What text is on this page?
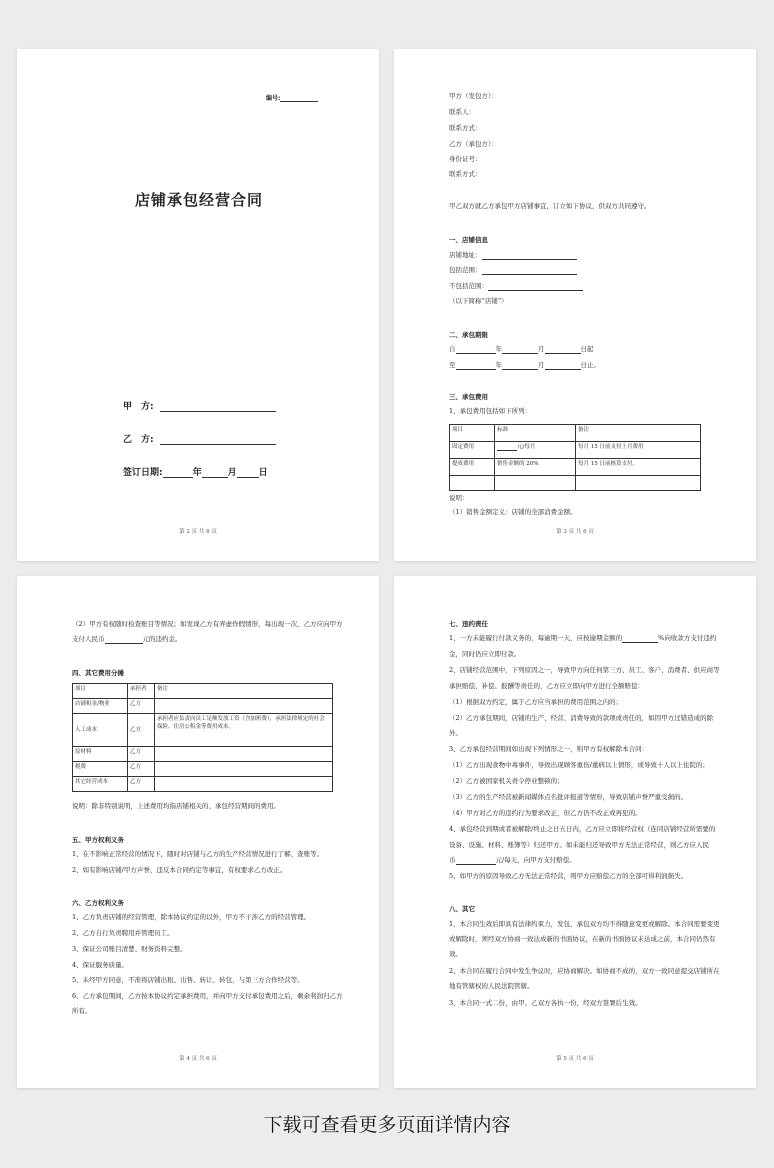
编号:
店铺承包经营合同
甲　方:
乙　方:
签订日期:	年	月 日
第 2 页 共 6 页
甲方（发包方）：
联系人：
联系方式：
乙方（承包方）：
身份证号：
联系方式：
甲乙双方就乙方承包甲方店铺事宜，订立如下协议，供双方共同遵守。
一、店铺信息
店铺地址：
包括范围：
不包括范围：
（以下简称“店铺”）
二、承包期限
自	年	月	日起
至	年	月	日止。
三、承包费用
1、承包费用包括如下所列：
项目	标准	备注
固定费用	元/每月	每月 15 日前支付上月费用
提成费用	销售金额的 20%	每月 15 日前核算支付。

说明：
（1）销售金额定义：店铺的全部消费金额。
第 3 页 共 6 页
（2）甲方有权随时检查账目等情况；如发现乙方有弄虚作假情形，每出现一次，乙方应向甲方
支付人民币	元的违约金。
四、其它费用分摊
项目	承担者	备注
店铺租金/物业	乙方	
人工成本	乙方	承担者应负责向员工足额发放工资（含加班费），承担法律规定的社会保险、住房公积金等费用成本。
原材料	乙方	
税费	乙方	
其它经营成本	乙方	
说明：除非特别说明，上述费用均指店铺相关的、承包经营期间的费用。
五、甲方权利义务
1、在不影响正常经营的情况下，随时对店铺与乙方的生产经营情况进行了解、查账等。
2、如有影响店铺/甲方声誉、违反本合同约定等事宜，有权要求乙方改正。
六、乙方权利义务
1、乙方负责店铺的经营管理，除本协议约定的以外，甲方不干涉乙方的经营管理。
2、乙方自行负责聘用并管理员工。
3、保证公司账目清楚、财务资料完整。
4、保证服务质量。
5、未经甲方同意，不准将店铺出租、出售、转让、转包，与第三方合作经营等。
6、乙方承包期间，乙方按本协议约定承担费用，并向甲方支付承包费用之后，剩余利润归乙方
所有。
第 4 页 共 6 页
七、违约责任
1、一方未能履行付款义务的，每逾期一天，应按逾期金额的	%向收款方支付违约
金，同时仍应立即付款。
2、店铺经营范围中，下列原因之一，导致甲方向任何第三方、员工、客户、消费者、供应商等
承担赔偿、补偿、报酬等责任的，乙方应立即向甲方进行全额赔偿：
（1）根据双方约定，属于乙方应当承担的费用范围之内的；
（2）乙方承包期间，店铺的生产、经营、消费导致的款项或责任的，如因甲方过错造成的除
外。
3、乙方承包经营期间如出现下列情形之一，则甲方有权解除本合同：
（1）乙方出现食物中毒事件，导致出现顾客重伤/重病以上情形，或导致十人以上住院的；
（2）乙方被国家机关责令停业整顿的；
（3）乙方的生产经营被新闻媒体点名批评报道等情形，导致店铺声誉严重受损的。
（4）甲方对乙方的违约行为要求改正，但乙方仍不改正或再犯的。
4、承包经营到期或者被解除/终止之日五日内，乙方应立即将经营权（连同店铺经营所需要的
设备、设施、材料、账簿等）归还甲方。如未能归还导致甲方无法正常经营，则乙方应人民
币	元/每天，向甲方支付赔偿。
5、如甲方的原因导致乙方无法正常经营，则甲方应赔偿乙方的全部可得利润损失。
八、其它
1、本合同生效后即具有法律约束力，发包、承包双方均不得随意变更或解除。本合同需要变更
或解除时，须经双方协商一致达成新的书面协议，在新的书面协议未达成之前，本合同仍然有
效。
2、本合同在履行合同中发生争议时，应协商解决。如协商不成的，双方一致同意提交店铺所在
地有管辖权的人民法院管辖。
3、本合同一式二份，由甲、乙双方各执一份，经双方签署后生效。
第 5 页 共 6 页
下载可查看更多页面详情内容
